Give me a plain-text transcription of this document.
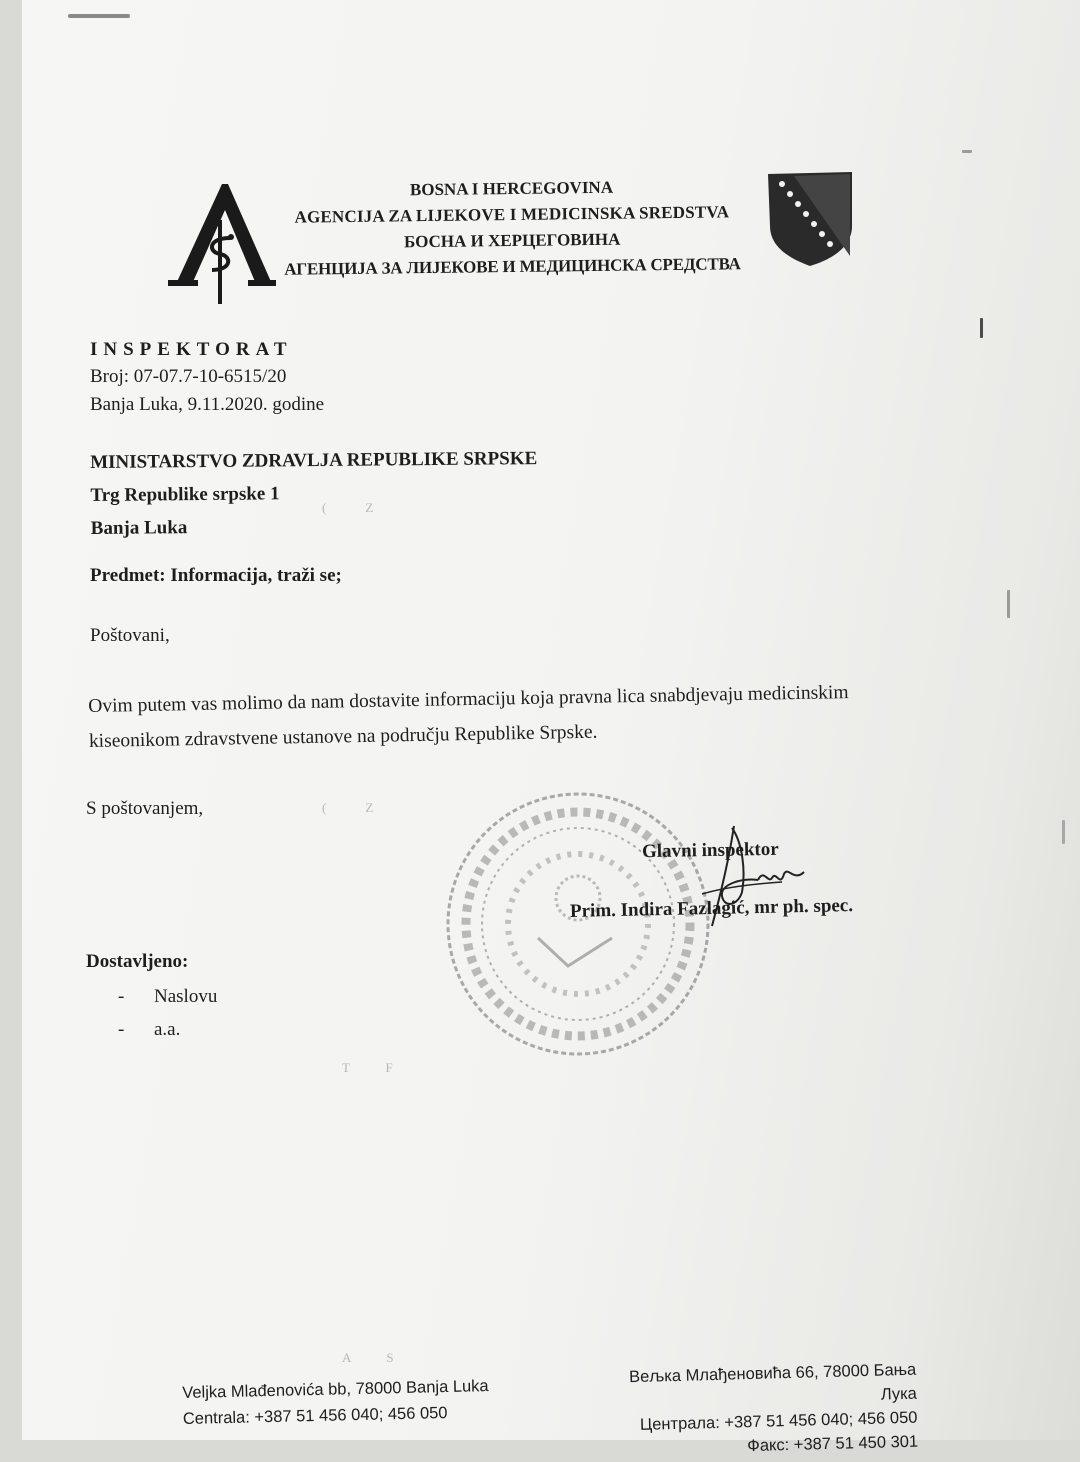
BOSNA I HERCEGOVINA
AGENCIJA ZA LIJEKOVE I MEDICINSKA SREDSTVA
БОСНА И ХЕРЦЕГОВИНА
АГЕНЦИЈА ЗА ЛИЈЕКОВЕ И МЕДИЦИНСКА СРЕДСТВА
INSPEKTORAT
Broj: 07-07.7-10-6515/20
Banja Luka, 9.11.2020. godine
MINISTARSTVO ZDRAVLJA REPUBLIKE SRPSKE
Trg Republike srpske 1
Banja Luka
Predmet: Informacija, traži se;
Poštovani,
Ovim putem vas molimo da nam dostavite informaciju koja pravna lica snabdjevaju medicinskim
kiseonikom zdravstvene ustanove na području Republike Srpske.
S poštovanjem,
Glavni inspektor
Prim. Indira Fazlagić, mr ph. spec.
Dostavljeno:
- Naslovu
- a.a.
Veljka Mlađenovića bb, 78000 Banja Luka
Centrala: +387 51 456 040; 456 050
Вељка Млађеновића 66, 78000 Бања Лука
Централа: +387 51 456 040; 456 050
Факс: +387 51 450 301
(            Z
(            Z
T           F
A           S
